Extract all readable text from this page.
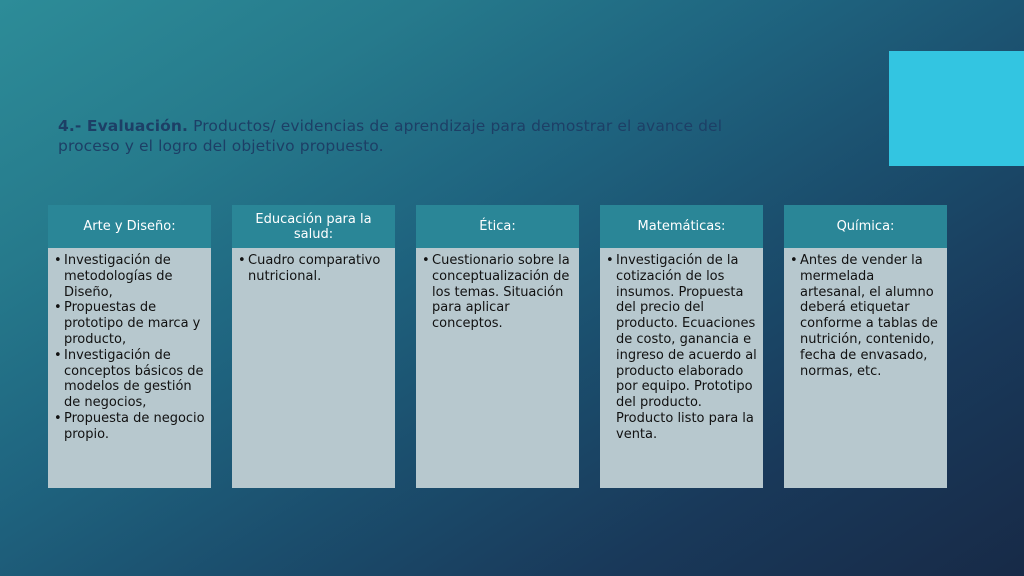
4.- Evaluación. Productos/ evidencias de aprendizaje para demostrar el avance del proceso y el logro del objetivo propuesto.
Arte y Diseño:
• Investigación de metodologías de Diseño,
• Propuestas de prototipo de marca y producto,
• Investigación de conceptos básicos de modelos de gestión de negocios,
• Propuesta de negocio propio.
Educación para la salud:
• Cuadro comparativo nutricional.
Ética:
• Cuestionario sobre la conceptualización de los temas. Situación para aplicar conceptos.
Matemáticas:
• Investigación de la cotización de los insumos. Propuesta del precio del producto. Ecuaciones de costo, ganancia e ingreso de acuerdo al producto elaborado por equipo. Prototipo del producto. Producto listo para la venta.
Química:
• Antes de vender la mermelada artesanal, el alumno deberá etiquetar conforme a tablas de nutrición, contenido, fecha de envasado, normas, etc.
